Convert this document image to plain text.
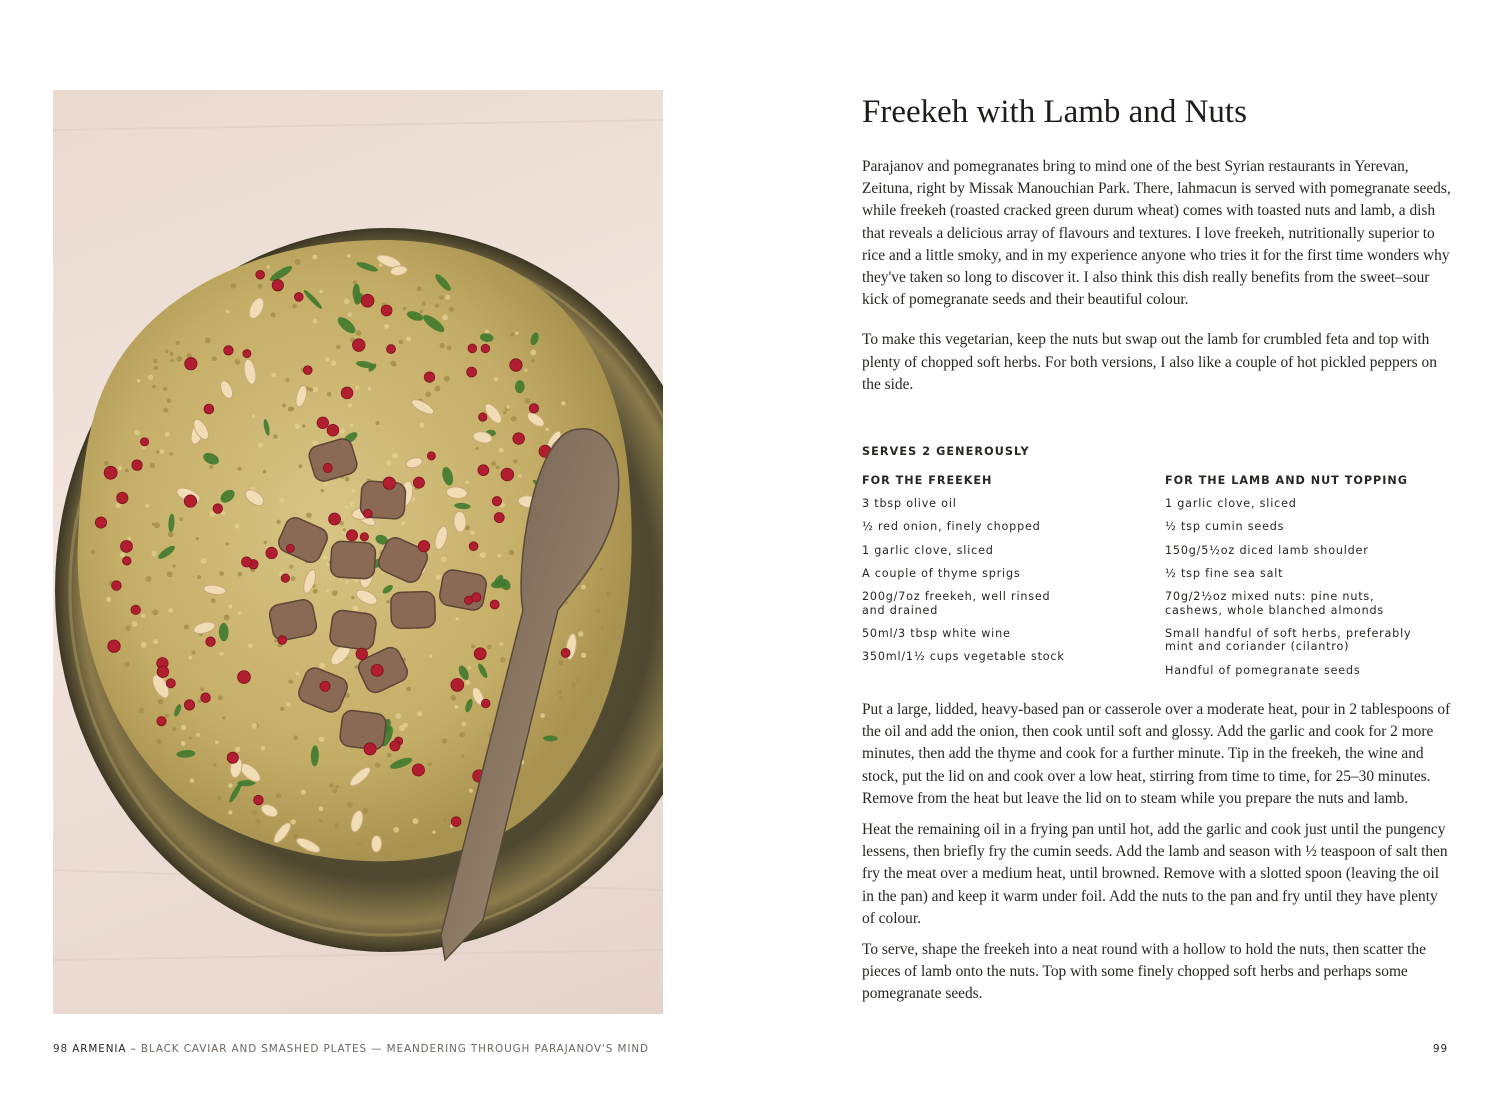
Freekeh with Lamb and Nuts

Parajanov and pomegranates bring to mind one of the best Syrian restaurants in Yerevan, Zeituna, right by Missak Manouchian Park. There, lahmacun is served with pomegranate seeds, while freekeh (roasted cracked green durum wheat) comes with toasted nuts and lamb, a dish that reveals a delicious array of flavours and textures. I love freekeh, nutritionally superior to rice and a little smoky, and in my experience anyone who tries it for the first time wonders why they've taken so long to discover it. I also think this dish really benefits from the sweet–sour kick of pomegranate seeds and their beautiful colour.

To make this vegetarian, keep the nuts but swap out the lamb for crumbled feta and top with plenty of chopped soft herbs. For both versions, I also like a couple of hot pickled peppers on the side.

SERVES 2 GENEROUSLY
FOR THE FREEKEH
3 tbsp olive oil
½ red onion, finely chopped
1 garlic clove, sliced
A couple of thyme sprigs
200g/7oz freekeh, well rinsed and drained
50ml/3 tbsp white wine
350ml/1½ cups vegetable stock
FOR THE LAMB AND NUT TOPPING
1 garlic clove, sliced
½ tsp cumin seeds
150g/5½oz diced lamb shoulder
½ tsp fine sea salt
70g/2½oz mixed nuts: pine nuts, cashews, whole blanched almonds
Small handful of soft herbs, preferably mint and coriander (cilantro)
Handful of pomegranate seeds

Put a large, lidded, heavy-based pan or casserole over a moderate heat, pour in 2 tablespoons of the oil and add the onion, then cook until soft and glossy. Add the garlic and cook for 2 more minutes, then add the thyme and cook for a further minute. Tip in the freekeh, the wine and stock, put the lid on and cook over a low heat, stirring from time to time, for 25–30 minutes. Remove from the heat but leave the lid on to steam while you prepare the nuts and lamb.

Heat the remaining oil in a frying pan until hot, add the garlic and cook just until the pungency lessens, then briefly fry the cumin seeds. Add the lamb and season with ½ teaspoon of salt then fry the meat over a medium heat, until browned. Remove with a slotted spoon (leaving the oil in the pan) and keep it warm under foil. Add the nuts to the pan and fry until they have plenty of colour.

To serve, shape the freekeh into a neat round with a hollow to hold the nuts, then scatter the pieces of lamb onto the nuts. Top with some finely chopped soft herbs and perhaps some pomegranate seeds.

98 ARMENIA – BLACK CAVIAR AND SMASHED PLATES — MEANDERING THROUGH PARAJANOV'S MIND	99
